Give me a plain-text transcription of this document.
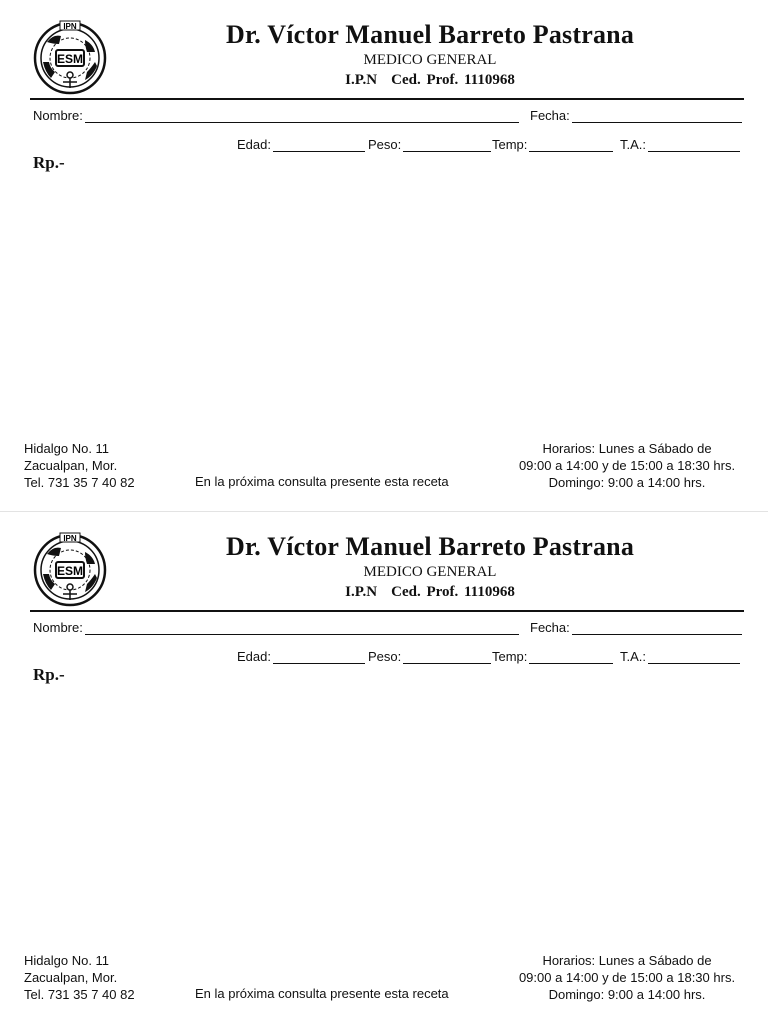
IPN
ESM
Dr. Víctor Manuel Barreto Pastrana
MEDICO GENERAL
I.P.N Ced. Prof. 1110968
Nombre:	Fecha:
Edad:	Peso:	Temp:	T.A.:
Rp.-
Hidalgo No. 11
Zacualpan, Mor.
Tel. 731 35 7 40 82	En la próxima consulta presente esta receta
Horarios: Lunes a Sábado de
09:00 a 14:00 y de 15:00 a 18:30 hrs.
Domingo: 9:00 a 14:00 hrs.
IPN
ESM
Dr. Víctor Manuel Barreto Pastrana
MEDICO GENERAL
I.P.N Ced. Prof. 1110968
Nombre:	Fecha:
Edad:	Peso:	Temp:	T.A.:
Rp.-
Hidalgo No. 11
Zacualpan, Mor.
Tel. 731 35 7 40 82	En la próxima consulta presente esta receta
Horarios: Lunes a Sábado de
09:00 a 14:00 y de 15:00 a 18:30 hrs.
Domingo: 9:00 a 14:00 hrs.
